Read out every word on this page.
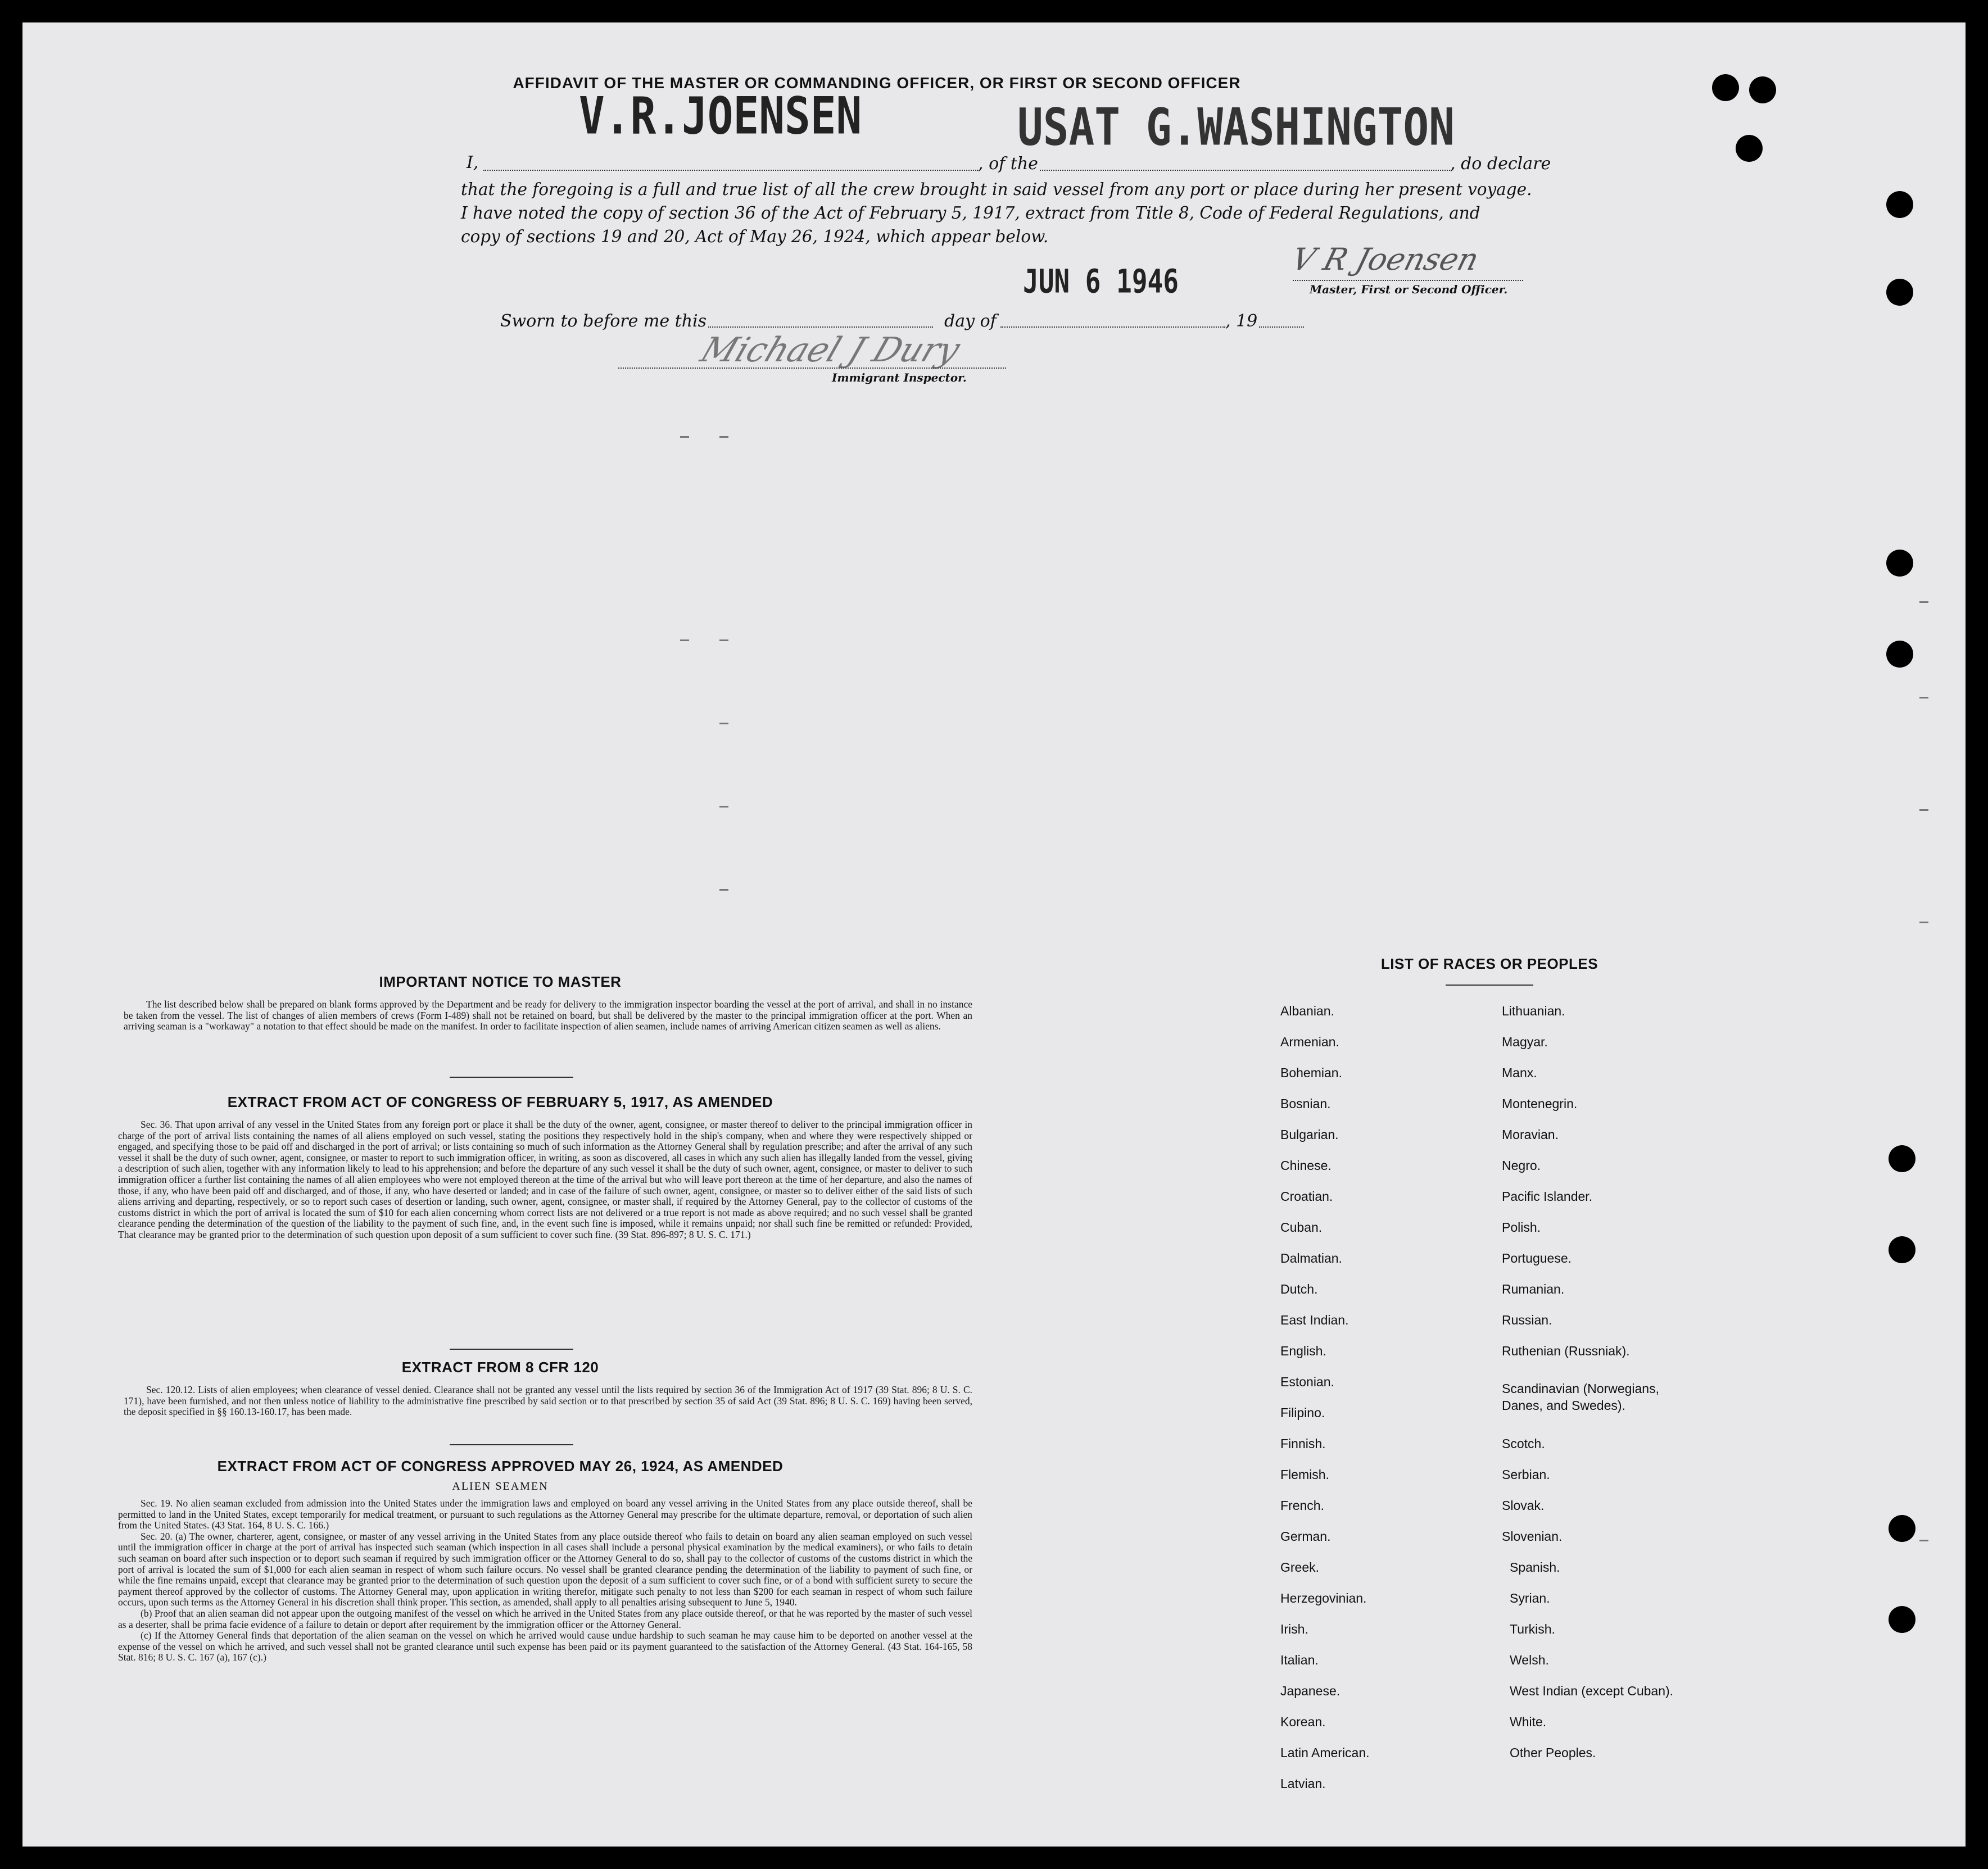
AFFIDAVIT OF THE MASTER OR COMMANDING OFFICER, OR FIRST OR SECOND OFFICER
I,
V.R.JOENSEN
, of the
USAT G.WASHINGTON
, do declare
that the foregoing is a full and true list of all the crew brought in said vessel from any port or place during her present voyage.
I have noted the copy of section 36 of the Act of February 5, 1917, extract from Title 8, Code of Federal Regulations, and
copy of sections 19 and 20, Act of May 26, 1924, which appear below.
V R Joensen
Master, First or Second Officer.
Sworn to before me this	day of
JUN 6 1946
, 19
Michael J Dury
Immigrant Inspector.
IMPORTANT NOTICE TO MASTER

The list described below shall be prepared on blank forms approved by the Department and be ready for delivery to the immigration inspector boarding the vessel at the port of arrival, and shall in no instance be taken from the vessel. The list of changes of alien members of crews (Form I-489) shall not be retained on board, but shall be delivered by the master to the principal immigration officer at the port. When an arriving seaman is a "workaway" a notation to that effect should be made on the manifest. In order to facilitate inspection of alien seamen, include names of arriving American citizen seamen as well as aliens.

EXTRACT FROM ACT OF CONGRESS OF FEBRUARY 5, 1917, AS AMENDED

Sec. 36. That upon arrival of any vessel in the United States from any foreign port or place it shall be the duty of the owner, agent, consignee, or master thereof to deliver to the principal immigration officer in charge of the port of arrival lists containing the names of all aliens employed on such vessel, stating the positions they respectively hold in the ship's company, when and where they were respectively shipped or engaged, and specifying those to be paid off and discharged in the port of arrival; or lists containing so much of such information as the Attorney General shall by regulation prescribe; and after the arrival of any such vessel it shall be the duty of such owner, agent, consignee, or master to report to such immigration officer, in writing, as soon as discovered, all cases in which any such alien has illegally landed from the vessel, giving a description of such alien, together with any information likely to lead to his apprehension; and before the departure of any such vessel it shall be the duty of such owner, agent, consignee, or master to deliver to such immigration officer a further list containing the names of all alien employees who were not employed thereon at the time of the arrival but who will leave port thereon at the time of her departure, and also the names of those, if any, who have been paid off and discharged, and of those, if any, who have deserted or landed; and in case of the failure of such owner, agent, consignee, or master so to deliver either of the said lists of such aliens arriving and departing, respectively, or so to report such cases of desertion or landing, such owner, agent, consignee, or master shall, if required by the Attorney General, pay to the collector of customs of the customs district in which the port of arrival is located the sum of $10 for each alien concerning whom correct lists are not delivered or a true report is not made as above required; and no such vessel shall be granted clearance pending the determination of the question of the liability to the payment of such fine, and, in the event such fine is imposed, while it remains unpaid; nor shall such fine be remitted or refunded: Provided, That clearance may be granted prior to the determination of such question upon deposit of a sum sufficient to cover such fine. (39 Stat. 896-897; 8 U. S. C. 171.)

EXTRACT FROM 8 CFR 120

Sec. 120.12. Lists of alien employees; when clearance of vessel denied. Clearance shall not be granted any vessel until the lists required by section 36 of the Immigration Act of 1917 (39 Stat. 896; 8 U. S. C. 171), have been furnished, and not then unless notice of liability to the administrative fine prescribed by said section or to that prescribed by section 35 of said Act (39 Stat. 896; 8 U. S. C. 169) having been served, the deposit specified in §§ 160.13-160.17, has been made.

EXTRACT FROM ACT OF CONGRESS APPROVED MAY 26, 1924, AS AMENDED
ALIEN SEAMEN

Sec. 19. No alien seaman excluded from admission into the United States under the immigration laws and employed on board any vessel arriving in the United States from any place outside thereof, shall be permitted to land in the United States, except temporarily for medical treatment, or pursuant to such regulations as the Attorney General may prescribe for the ultimate departure, removal, or deportation of such alien from the United States. (43 Stat. 164, 8 U. S. C. 166.)

Sec. 20. (a) The owner, charterer, agent, consignee, or master of any vessel arriving in the United States from any place outside thereof who fails to detain on board any alien seaman employed on such vessel until the immigration officer in charge at the port of arrival has inspected such seaman (which inspection in all cases shall include a personal physical examination by the medical examiners), or who fails to detain such seaman on board after such inspection or to deport such seaman if required by such immigration officer or the Attorney General to do so, shall pay to the collector of customs of the customs district in which the port of arrival is located the sum of $1,000 for each alien seaman in respect of whom such failure occurs. No vessel shall be granted clearance pending the determination of the liability to payment of such fine, or while the fine remains unpaid, except that clearance may be granted prior to the determination of such question upon the deposit of a sum sufficient to cover such fine, or of a bond with sufficient surety to secure the payment thereof approved by the collector of customs. The Attorney General may, upon application in writing therefor, mitigate such penalty to not less than $200 for each seaman in respect of whom such failure occurs, upon such terms as the Attorney General in his discretion shall think proper. This section, as amended, shall apply to all penalties arising subsequent to June 5, 1940.

(b) Proof that an alien seaman did not appear upon the outgoing manifest of the vessel on which he arrived in the United States from any place outside thereof, or that he was reported by the master of such vessel as a deserter, shall be prima facie evidence of a failure to detain or deport after requirement by the immigration officer or the Attorney General.

(c) If the Attorney General finds that deportation of the alien seaman on the vessel on which he arrived would cause undue hardship to such seaman he may cause him to be deported on another vessel at the expense of the vessel on which he arrived, and such vessel shall not be granted clearance until such expense has been paid or its payment guaranteed to the satisfaction of the Attorney General. (43 Stat. 164-165, 58 Stat. 816; 8 U. S. C. 167 (a), 167 (c).)

LIST OF RACES OR PEOPLES
Albanian.
Armenian.
Bohemian.
Bosnian.
Bulgarian.
Chinese.
Croatian.
Cuban.
Dalmatian.
Dutch.
East Indian.
English.
Estonian.
Filipino.
Finnish.
Flemish.
French.
German.
Greek.
Herzegovinian.
Irish.
Italian.
Japanese.
Korean.
Latin American.
Latvian.
Lithuanian.
Magyar.
Manx.
Montenegrin.
Moravian.
Negro.
Pacific Islander.
Polish.
Portuguese.
Rumanian.
Russian.
Ruthenian (Russniak).
Scandinavian (Norwegians,
Danes, and Swedes).
Scotch.
Serbian.
Slovak.
Slovenian.
Spanish.
Syrian.
Turkish.
Welsh.
West Indian (except Cuban).
White.
Other Peoples.
